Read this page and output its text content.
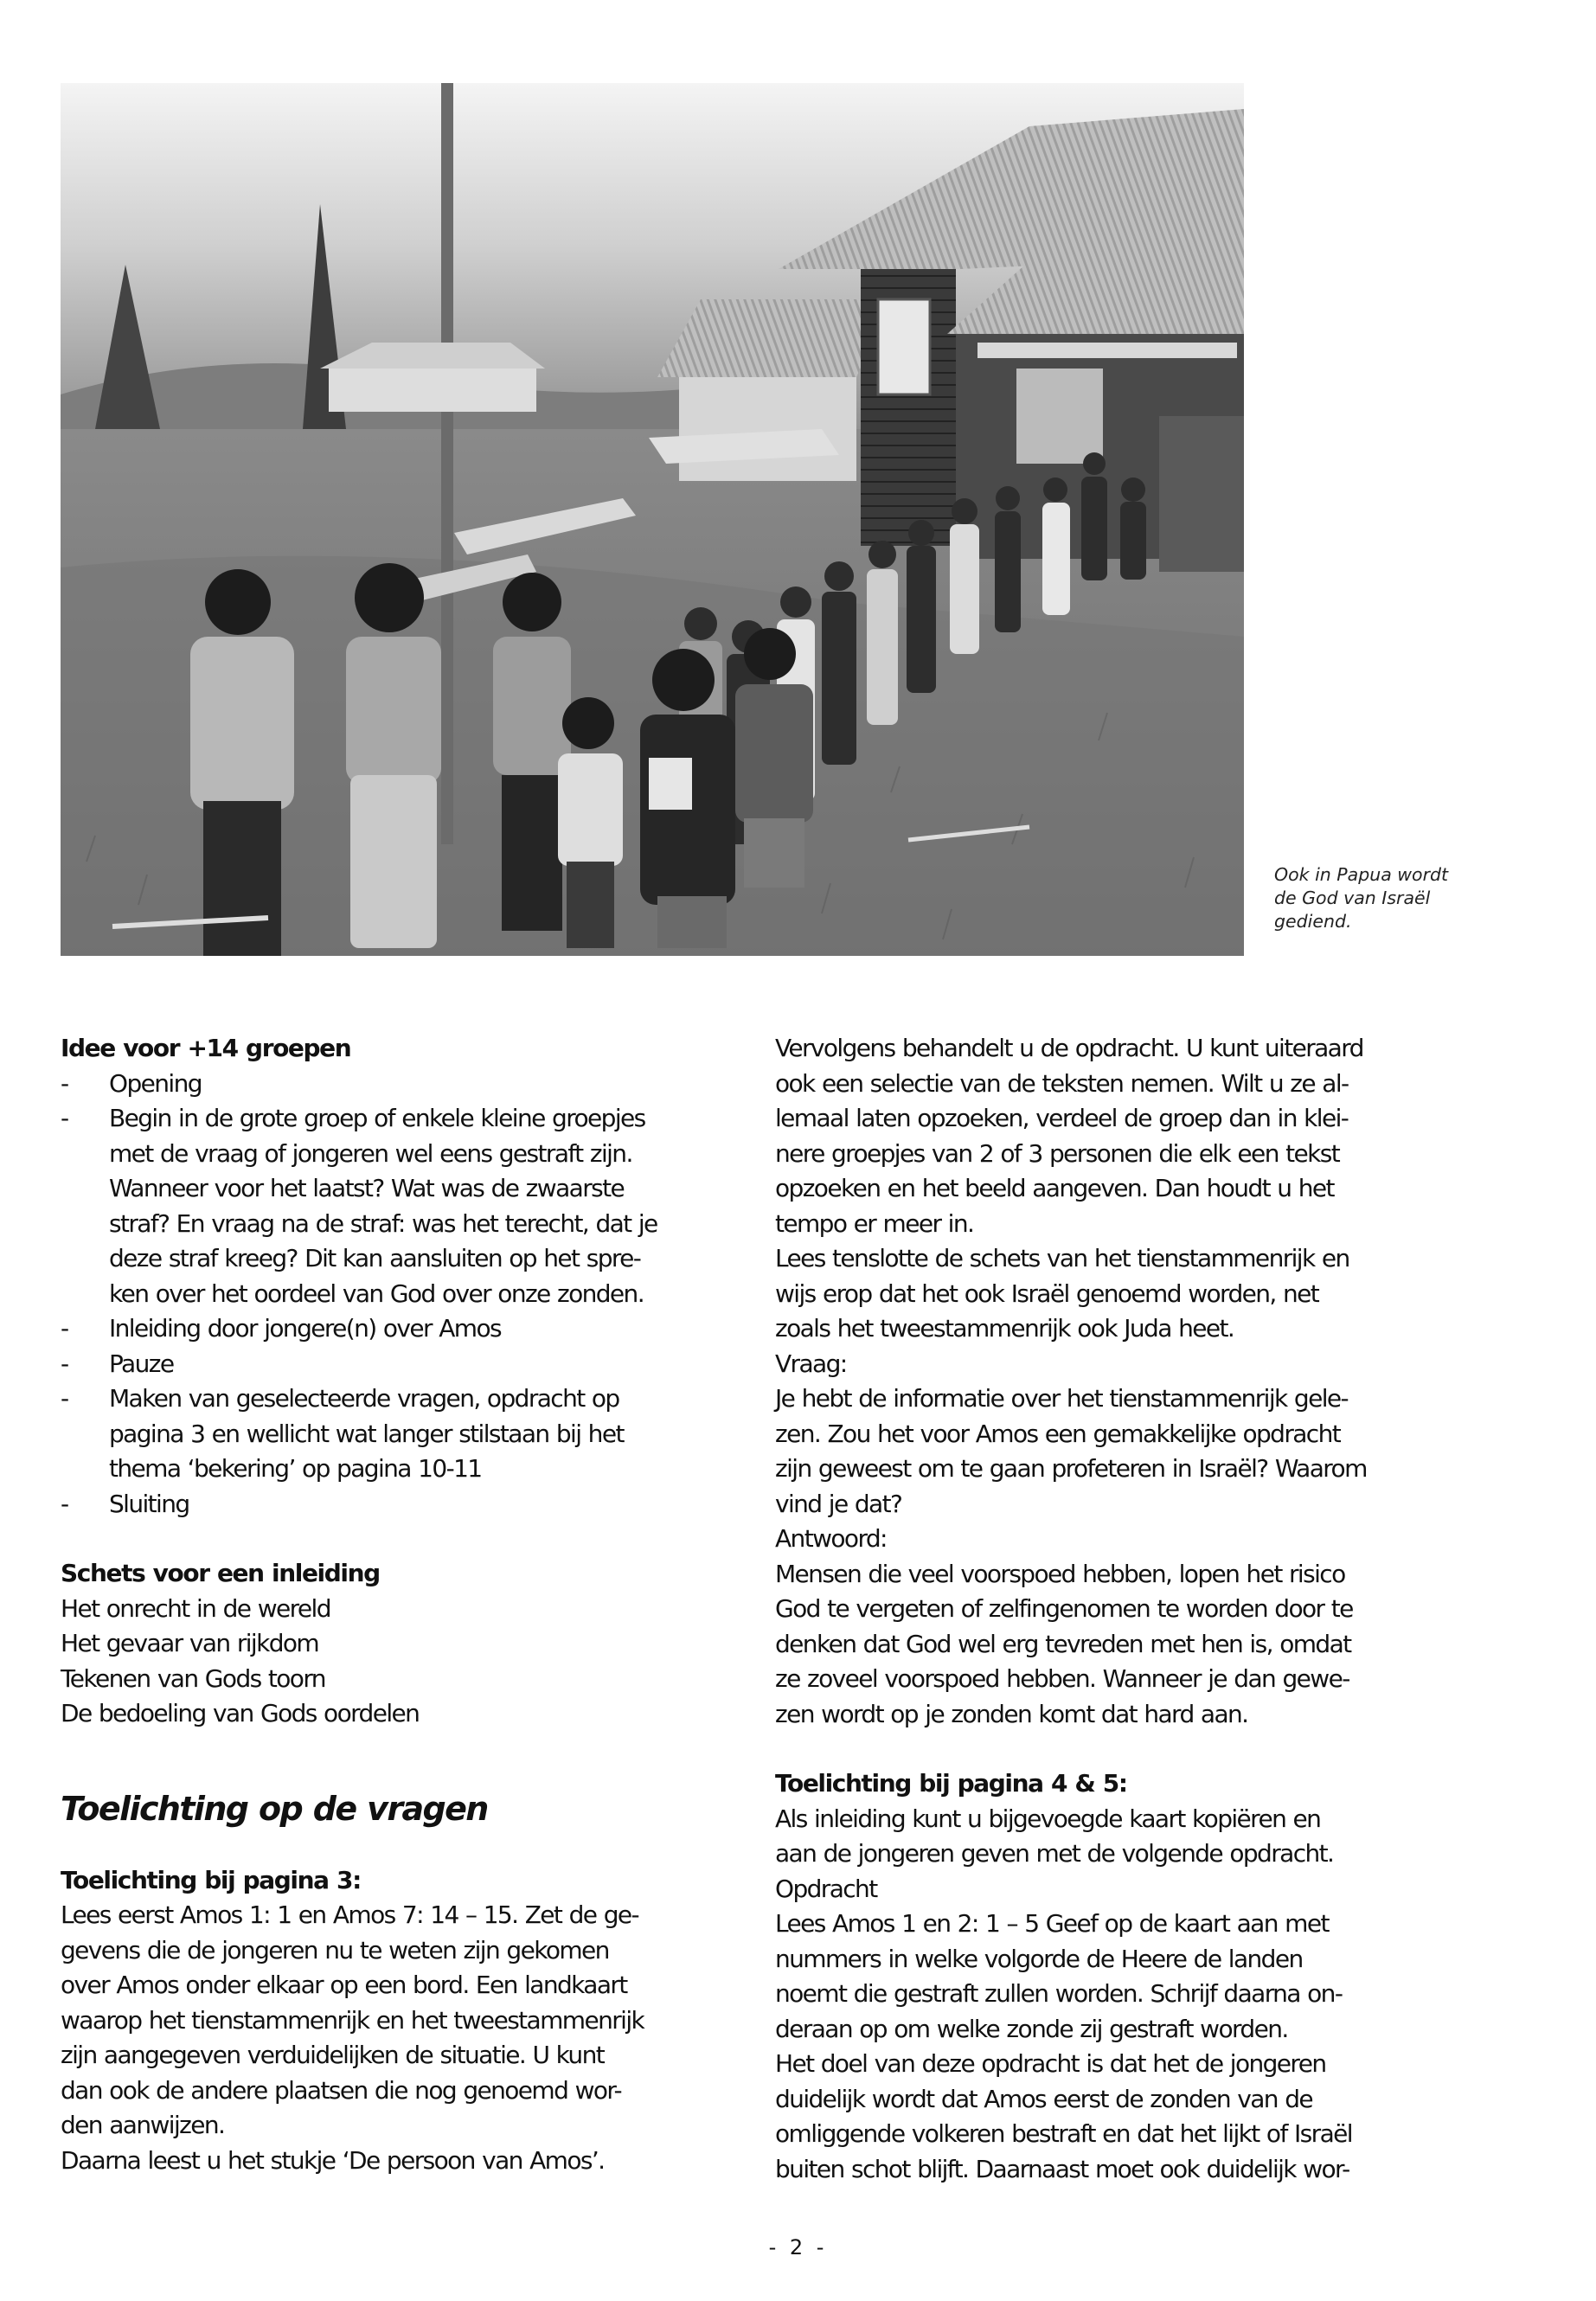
Ook in Papua wordt
de God van Israël
gediend.
Idee voor +14 groepen
-	Opening
-	Begin in de grote groep of enkele kleine groepjes
met de vraag of jongeren wel eens gestraft zijn.
Wanneer voor het laatst? Wat was de zwaarste
straf? En vraag na de straf: was het terecht, dat je
deze straf kreeg? Dit kan aansluiten op het spre-
ken over het oordeel van God over onze zonden.
-	Inleiding door jongere(n) over Amos
-	Pauze
-	Maken van geselecteerde vragen, opdracht op
pagina 3 en wellicht wat langer stilstaan bij het
thema ‘bekering’ op pagina 10-11
-	Sluiting
Schets voor een inleiding
Het onrecht in de wereld
Het gevaar van rijkdom
Tekenen van Gods toorn
De bedoeling van Gods oordelen
Toelichting op de vragen
Toelichting bij pagina 3:
Lees eerst Amos 1: 1 en Amos 7: 14 – 15. Zet de ge-
gevens die de jongeren nu te weten zijn gekomen
over Amos onder elkaar op een bord. Een landkaart
waarop het tienstammenrijk en het tweestammenrijk
zijn aangegeven verduidelijken de situatie. U kunt
dan ook de andere plaatsen die nog genoemd wor-
den aanwijzen.
Daarna leest u het stukje ‘De persoon van Amos’.
Vervolgens behandelt u de opdracht. U kunt uiteraard
ook een selectie van de teksten nemen. Wilt u ze al-
lemaal laten opzoeken, verdeel de groep dan in klei-
nere groepjes van 2 of 3 personen die elk een tekst
opzoeken en het beeld aangeven. Dan houdt u het
tempo er meer in.
Lees tenslotte de schets van het tienstammenrijk en
wijs erop dat het ook Israël genoemd worden, net
zoals het tweestammenrijk ook Juda heet.
Vraag:
Je hebt de informatie over het tienstammenrijk gele-
zen. Zou het voor Amos een gemakkelijke opdracht
zijn geweest om te gaan profeteren in Israël? Waarom
vind je dat?
Antwoord:
Mensen die veel voorspoed hebben, lopen het risico
God te vergeten of zelfingenomen te worden door te
denken dat God wel erg tevreden met hen is, omdat
ze zoveel voorspoed hebben. Wanneer je dan gewe-
zen wordt op je zonden komt dat hard aan.
Toelichting bij pagina 4 & 5:
Als inleiding kunt u bijgevoegde kaart kopiëren en
aan de jongeren geven met de volgende opdracht.
Opdracht
Lees Amos 1 en 2: 1 – 5 Geef op de kaart aan met
nummers in welke volgorde de Heere de landen
noemt die gestraft zullen worden. Schrijf daarna on-
deraan op om welke zonde zij gestraft worden.
Het doel van deze opdracht is dat het de jongeren
duidelijk wordt dat Amos eerst de zonden van de
omliggende volkeren bestraft en dat het lijkt of Israël
buiten schot blijft. Daarnaast moet ook duidelijk wor-
- 2 -
